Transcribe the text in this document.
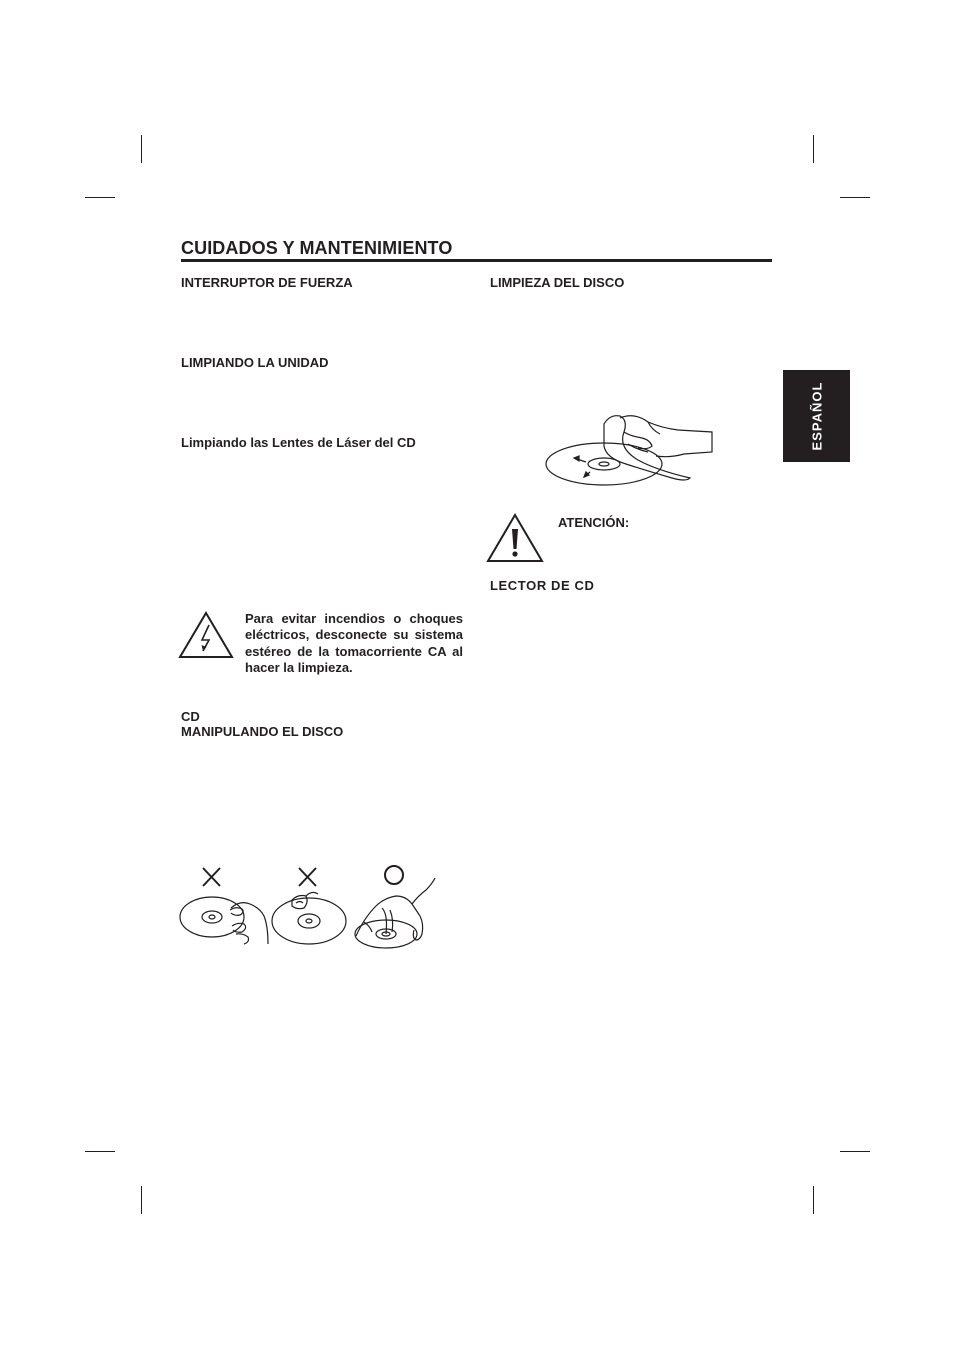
CUIDADOS Y MANTENIMIENTO
ESPAÑOL
INTERRUPTOR DE FUERZA
LIMPIANDO LA UNIDAD
Limpiando las Lentes de Láser del CD
Para evitar incendios o choques eléctricos, desconecte su sistema estéreo de la tomacorriente CA al hacer la limpieza.
CD
MANIPULANDO EL DISCO
LIMPIEZA DEL DISCO
ATENCIÓN:
LECTOR DE CD
